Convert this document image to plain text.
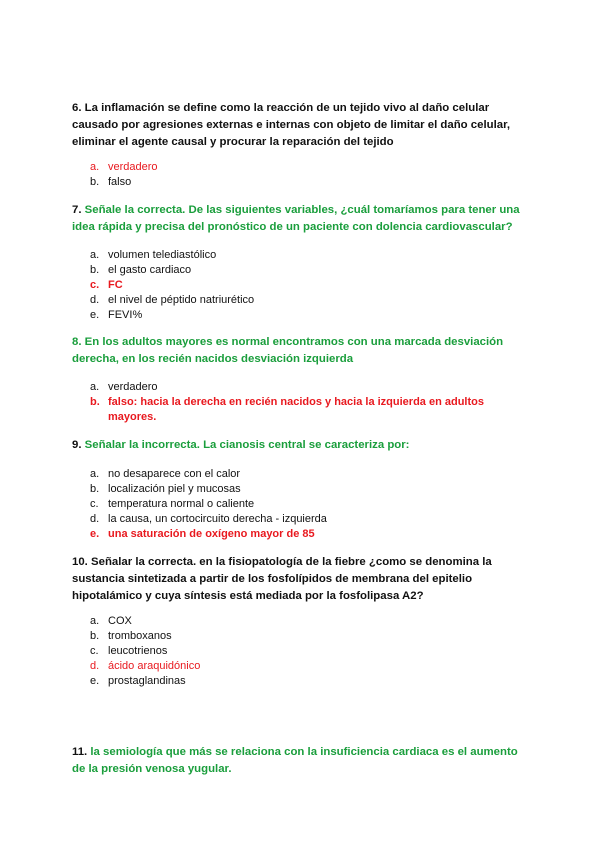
6. La inflamación se define como la reacción de un tejido vivo al daño celular causado por agresiones externas e internas con objeto de limitar el daño celular, eliminar el agente causal y procurar la reparación del tejido
a. verdadero
b. falso
7. Señale la correcta. De las siguientes variables, ¿cuál tomaríamos para tener una idea rápida y precisa del pronóstico de un paciente con dolencia cardiovascular?
a. volumen telediastólico
b. el gasto cardiaco
c. FC
d. el nivel de péptido natriurético
e. FEVI%
8. En los adultos mayores es normal encontramos con una marcada desviación derecha, en los recién nacidos desviación izquierda
a. verdadero
b. falso: hacia la derecha en recién nacidos y hacia la izquierda en adultos mayores.
9. Señalar la incorrecta. La cianosis central se caracteriza por:
a. no desaparece con el calor
b. localización piel y mucosas
c. temperatura normal o caliente
d. la causa, un cortocircuito derecha - izquierda
e. una saturación de oxígeno mayor de 85
10. Señalar la correcta. en la fisiopatología de la fiebre ¿como se denomina la sustancia sintetizada a partir de los fosfolípidos de membrana del epitelio hipotalámico y cuya síntesis está mediada por la fosfolipasa A2?
a. COX
b. tromboxanos
c. leucotrienos
d. ácido araquidónico
e. prostaglandinas
11. la semiología que más se relaciona con la insuficiencia cardiaca es el aumento de la presión venosa yugular.
